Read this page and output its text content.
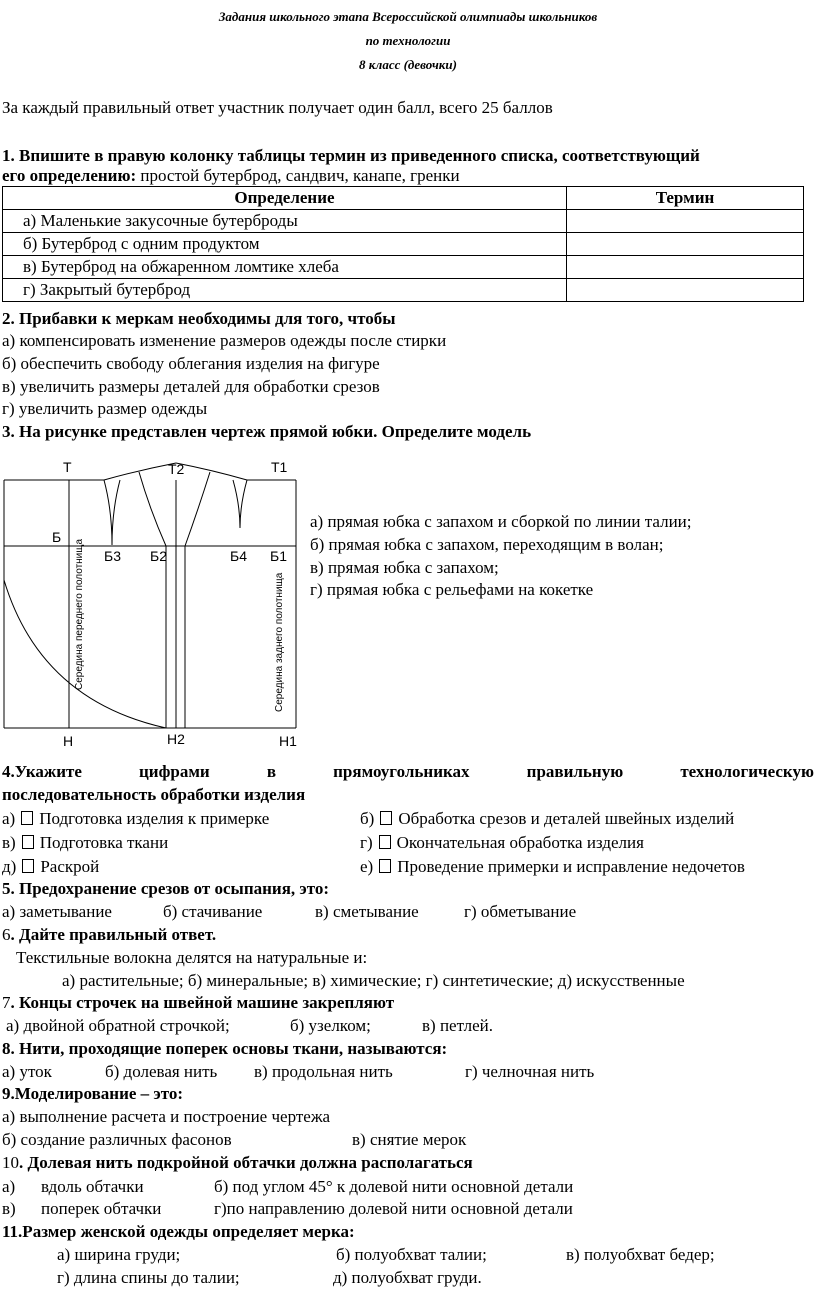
Задания школьного этапа Всероссийской олимпиады школьников
по технологии
8 класс (девочки)
За каждый правильный ответ участник получает один балл, всего 25 баллов
1. Впишите в правую колонку таблицы термин из приведенного списка, соответствующий
его определению: простой бутерброд, сандвич, канапе, гренки
Определение	Термин
а) Маленькие закусочные бутерброды	
б) Бутерброд с одним продуктом	
в) Бутерброд на обжаренном ломтике хлеба	
г) Закрытый бутерброд	
2. Прибавки к меркам необходимы для того, чтобы
а) компенсировать изменение размеров одежды после стирки
б) обеспечить свободу облегания изделия на фигуре
в) увеличить размеры деталей для обработки срезов
г) увеличить размер одежды
3. На рисунке представлен чертеж прямой юбки. Определите модель
Т	Т2	Т1
Б
Б3 Б2	Б4 Б1
Н	Н2	Н1
Середина переднего полотнища	Середина заднего полотнища
а) прямая юбка с запахом и сборкой по линии талии;
б) прямая юбка с запахом, переходящим в волан;
в) прямая юбка с запахом;
г) прямая юбка с рельефами на кокетке
4.Укажите	цифрами	в	прямоугольниках	правильную	технологическую
последовательность обработки изделия
а) Подготовка изделия к примерке	б) Обработка срезов и деталей швейных изделий
в) Подготовка ткани	г) Окончательная обработка изделия
д) Раскрой	е) Проведение примерки и исправление недочетов
5. Предохранение срезов от осыпания, это:
а) заметывание	б) стачивание	в) сметывание	г) обметывание
6. Дайте правильный ответ.
Текстильные волокна делятся на натуральные и:
а) растительные; б) минеральные; в) химические; г) синтетические; д) искусственные
7. Концы строчек на швейной машине закрепляют
а) двойной обратной строчкой;	б) узелком;	в) петлей.
8. Нити, проходящие поперек основы ткани, называются:
а) уток	б) долевая нить в) продольная нить	г) челночная нить
9.Моделирование – это:
а) выполнение расчета и построение чертежа
б) создание различных фасонов	в) снятие мерок
10. Долевая нить подкройной обтачки должна располагаться
а) вдоль обтачки	б) под углом 45° к долевой нити основной детали
в) поперек обтачки	г)по направлению долевой нити основной детали
11.Размер женской одежды определяет мерка:
а) ширина груди;	б) полуобхват талии;	в) полуобхват бедер;
г) длина спины до талии;	д) полуобхват груди.
